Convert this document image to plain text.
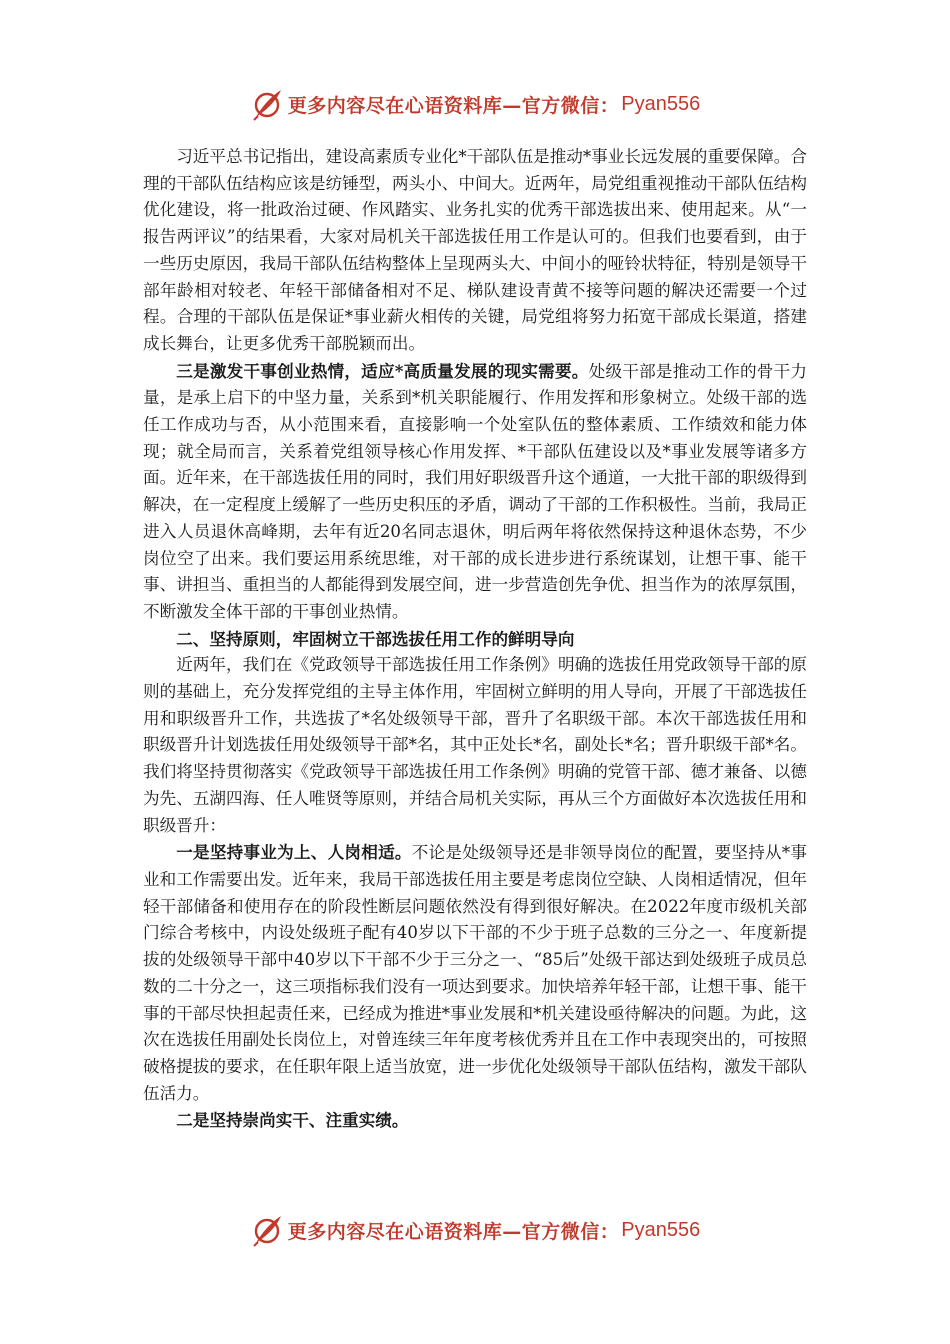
更多内容尽在心语资料库—官方微信： Pyan556

习近平总书记指出，建设高素质专业化*干部队伍是推动*事业长远发展的重要保障。合理的干部队伍结构应该是纺锤型，两头小、中间大。近两年，局党组重视推动干部队伍结构优化建设，将一批政治过硬、作风踏实、业务扎实的优秀干部选拔出来、使用起来。从“一报告两评议”的结果看，大家对局机关干部选拔任用工作是认可的。但我们也要看到，由于一些历史原因，我局干部队伍结构整体上呈现两头大、中间小的哑铃状特征，特别是领导干部年龄相对较老、年轻干部储备相对不足、梯队建设青黄不接等问题的解决还需要一个过程。合理的干部队伍是保证*事业薪火相传的关键，局党组将努力拓宽干部成长渠道，搭建成长舞台，让更多优秀干部脱颖而出。

三是激发干事创业热情，适应*高质量发展的现实需要。处级干部是推动工作的骨干力量，是承上启下的中坚力量，关系到*机关职能履行、作用发挥和形象树立。处级干部的选任工作成功与否，从小范围来看，直接影响一个处室队伍的整体素质、工作绩效和能力体现；就全局而言，关系着党组领导核心作用发挥、*干部队伍建设以及*事业发展等诸多方面。近年来，在干部选拔任用的同时，我们用好职级晋升这个通道，一大批干部的职级得到解决，在一定程度上缓解了一些历史积压的矛盾，调动了干部的工作积极性。当前，我局正进入人员退休高峰期，去年有近20名同志退休，明后两年将依然保持这种退休态势，不少岗位空了出来。我们要运用系统思维，对干部的成长进步进行系统谋划，让想干事、能干事、讲担当、重担当的人都能得到发展空间，进一步营造创先争优、担当作为的浓厚氛围，不断激发全体干部的干事创业热情。

二、坚持原则，牢固树立干部选拔任用工作的鲜明导向

近两年，我们在《党政领导干部选拔任用工作条例》明确的选拔任用党政领导干部的原则的基础上，充分发挥党组的主导主体作用，牢固树立鲜明的用人导向，开展了干部选拔任用和职级晋升工作，共选拔了*名处级领导干部，晋升了名职级干部。本次干部选拔任用和职级晋升计划选拔任用处级领导干部*名，其中正处长*名，副处长*名；晋升职级干部*名。我们将坚持贯彻落实《党政领导干部选拔任用工作条例》明确的党管干部、德才兼备、以德为先、五湖四海、任人唯贤等原则，并结合局机关实际，再从三个方面做好本次选拔任用和职级晋升：

一是坚持事业为上、人岗相适。不论是处级领导还是非领导岗位的配置，要坚持从*事业和工作需要出发。近年来，我局干部选拔任用主要是考虑岗位空缺、人岗相适情况，但年轻干部储备和使用存在的阶段性断层问题依然没有得到很好解决。在2022年度市级机关部门综合考核中，内设处级班子配有40岁以下干部的不少于班子总数的三分之一、年度新提拔的处级领导干部中40岁以下干部不少于三分之一、“85后”处级干部达到处级班子成员总数的二十分之一，这三项指标我们没有一项达到要求。加快培养年轻干部，让想干事、能干事的干部尽快担起责任来，已经成为推进*事业发展和*机关建设亟待解决的问题。为此，这次在选拔任用副处长岗位上，对曾连续三年年度考核优秀并且在工作中表现突出的，可按照破格提拔的要求，在任职年限上适当放宽，进一步优化处级领导干部队伍结构，激发干部队伍活力。

二是坚持崇尚实干、注重实绩。

更多内容尽在心语资料库—官方微信： Pyan556
